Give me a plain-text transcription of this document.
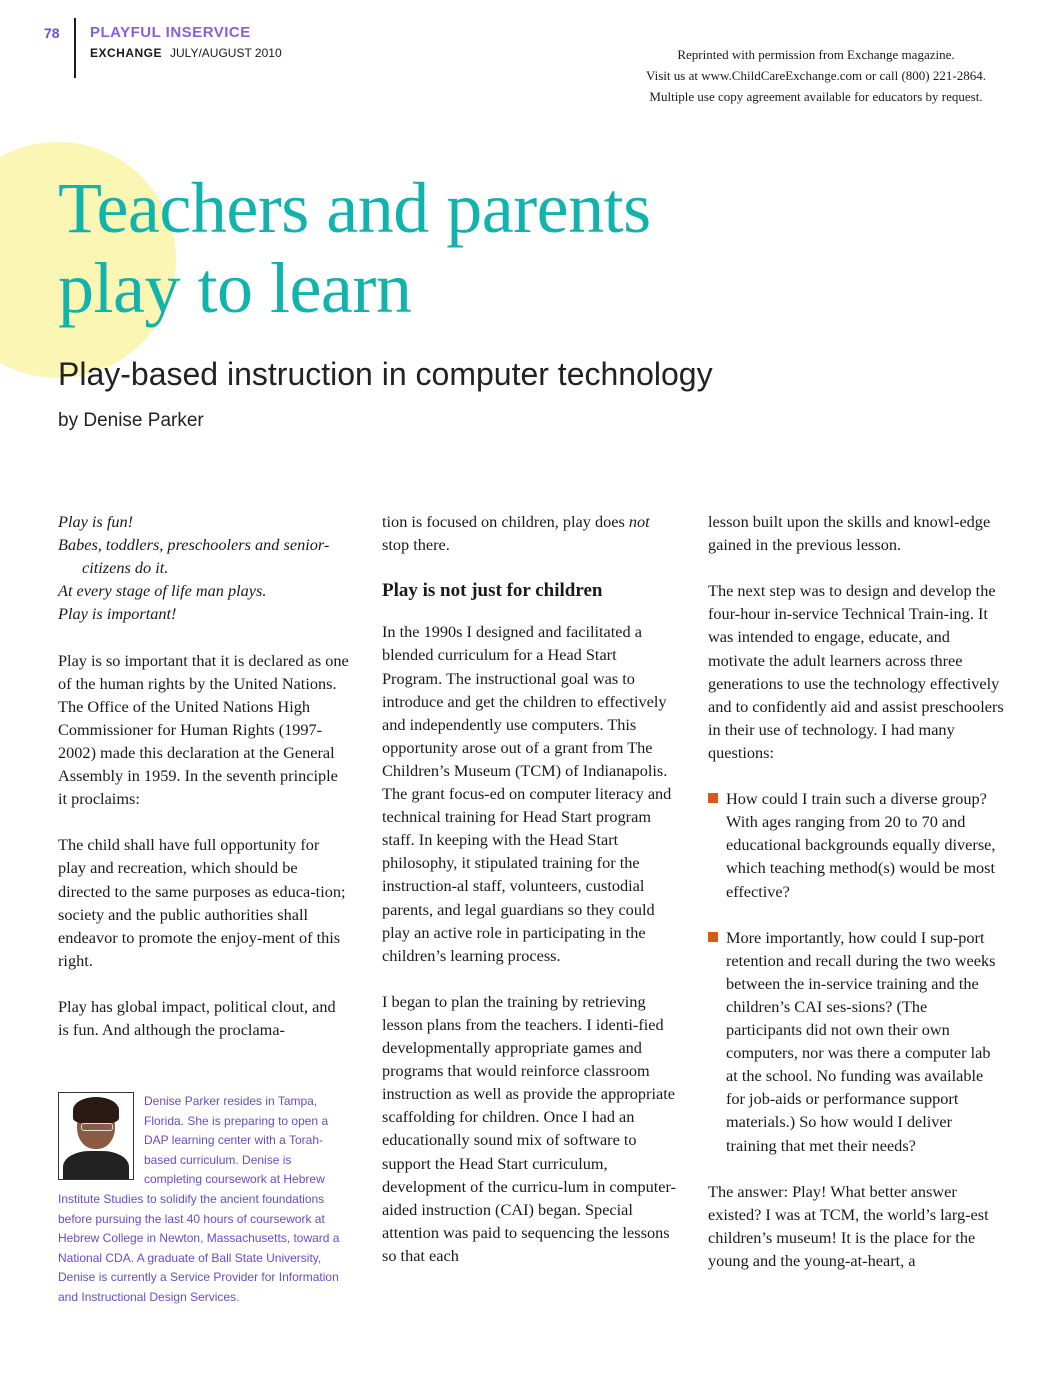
78 PLAYFUL INSERVICE
EXCHANGE JULY/AUGUST 2010	Reprinted with permission from Exchange magazine.
Visit us at www.ChildCareExchange.com or call (800) 221-2864.
Multiple use copy agreement available for educators by request.
Teachers and parents
play to learn
Play-based instruction in computer technology
by Denise Parker
Play is fun!
Babes, toddlers, preschoolers and senior-
citizens do it.
At every stage of life man plays.
Play is important!

Play is so important that it is declared as one of the human rights by the United Nations. The Office of the United Nations High Commissioner for Human Rights (1997-2002) made this declaration at the General Assembly in 1959. In the seventh principle it proclaims:

The child shall have full opportunity for play and recreation, which should be directed to the same purposes as educa-tion; society and the public authorities shall endeavor to promote the enjoy-ment of this right.

Play has global impact, political clout, and is fun. And although the proclama-

Denise Parker resides in Tampa, Florida. She is preparing to open a DAP learning center with a Torah-based curriculum. Denise is completing coursework at Hebrew Institute Studies to solidify the ancient foundations before pursuing the last 40 hours of coursework at Hebrew College in Newton, Massachusetts, toward a National CDA. A graduate of Ball State University, Denise is currently a Service Provider for Information and Instructional Design Services.

tion is focused on children, play does not stop there.

Play is not just for children

In the 1990s I designed and facilitated a blended curriculum for a Head Start Program. The instructional goal was to introduce and get the children to effectively and independently use computers. This opportunity arose out of a grant from The Children’s Museum (TCM) of Indianapolis. The grant focus-ed on computer literacy and technical training for Head Start program staff. In keeping with the Head Start philosophy, it stipulated training for the instruction-al staff, volunteers, custodial parents, and legal guardians so they could play an active role in participating in the children’s learning process.

I began to plan the training by retrieving lesson plans from the teachers. I identi-fied developmentally appropriate games and programs that would reinforce classroom instruction as well as provide the appropriate scaffolding for children. Once I had an educationally sound mix of software to support the Head Start curriculum, development of the curricu-lum in computer-aided instruction (CAI) began. Special attention was paid to sequencing the lessons so that each

lesson built upon the skills and knowl-edge gained in the previous lesson.

The next step was to design and develop the four-hour in-service Technical Train-ing. It was intended to engage, educate, and motivate the adult learners across three generations to use the technology effectively and to confidently aid and assist preschoolers in their use of technology. I had many questions:

How could I train such a diverse group? With ages ranging from 20 to 70 and educational backgrounds equally diverse, which teaching method(s) would be most effective?
More importantly, how could I sup-port retention and recall during the two weeks between the in-service training and the children’s CAI ses-sions? (The participants did not own their own computers, nor was there a computer lab at the school. No funding was available for job-aids or performance support materials.) So how would I deliver training that met their needs?

The answer: Play! What better answer existed? I was at TCM, the world’s larg-est children’s museum! It is the place for the young and the young-at-heart, a
